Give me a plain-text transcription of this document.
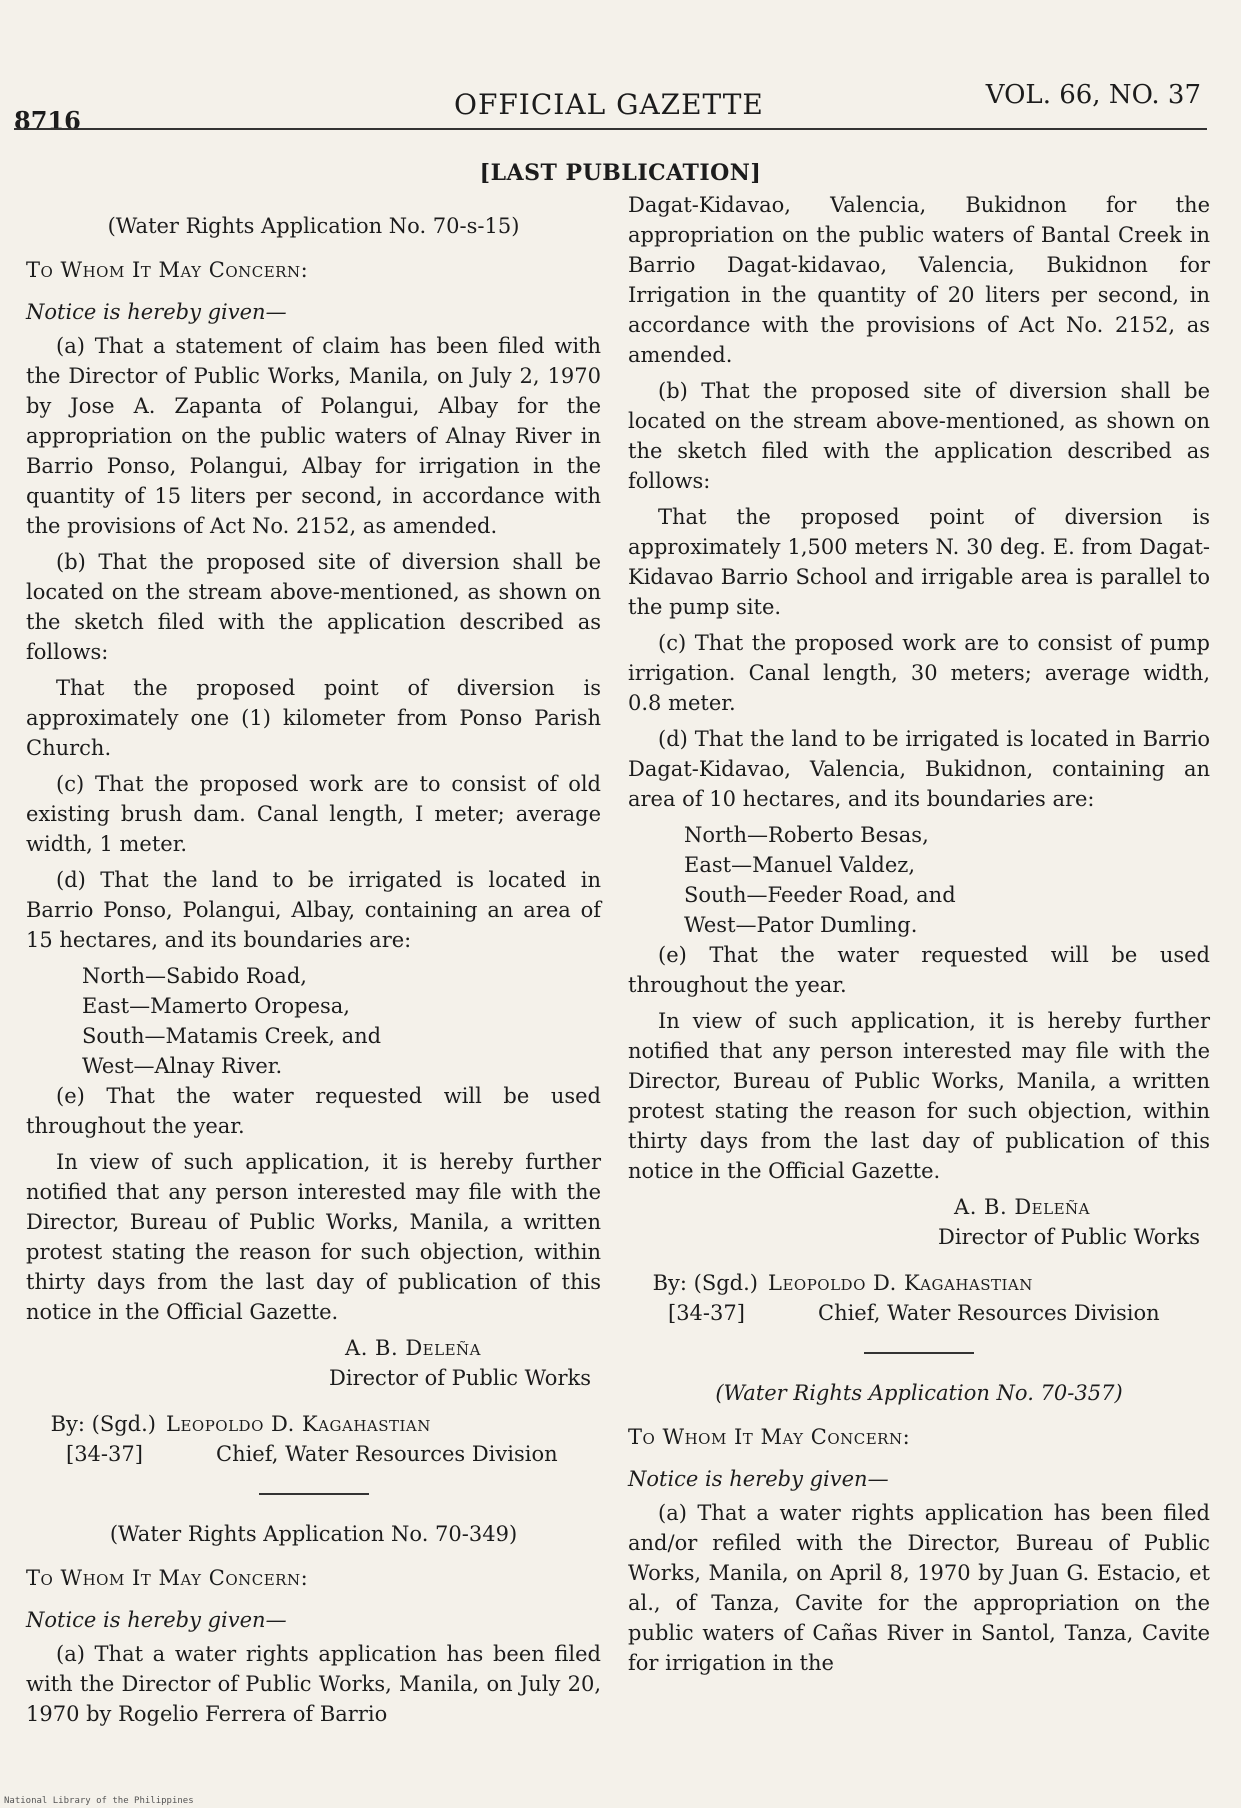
8716	OFFICIAL GAZETTE	VOL. 66, NO. 37
[LAST PUBLICATION]

(Water Rights Application No. 70-s-15)

To Whom It May Concern:

Notice is hereby given—

(a) That a statement of claim has been filed with the Director of Public Works, Manila, on July 2, 1970 by Jose A. Zapanta of Polangui, Albay for the appropriation on the public waters of Alnay River in Barrio Ponso, Polangui, Albay for irrigation in the quantity of 15 liters per second, in accordance with the provisions of Act No. 2152, as amended.

(b) That the proposed site of diversion shall be located on the stream above-mentioned, as shown on the sketch filed with the application described as follows:

That the proposed point of diversion is approximately one (1) kilometer from Ponso Parish Church.

(c) That the proposed work are to consist of old existing brush dam. Canal length, I meter; average width, 1 meter.

(d) That the land to be irrigated is located in Barrio Ponso, Polangui, Albay, containing an area of 15 hectares, and its boundaries are:

North—Sabido Road,
East—Mamerto Oropesa,
South—Matamis Creek, and
West—Alnay River.

(e) That the water requested will be used throughout the year.

In view of such application, it is hereby further notified that any person interested may file with the Director, Bureau of Public Works, Manila, a written protest stating the reason for such objection, within thirty days from the last day of publication of this notice in the Official Gazette.

A. B. Deleña
Director of Public Works
By: (Sgd.) Leopoldo D. Kagahastian
[34-37]	Chief, Water Resources Division

(Water Rights Application No. 70-349)

To Whom It May Concern:

Notice is hereby given—

(a) That a water rights application has been filed with the Director of Public Works, Manila, on July 20, 1970 by Rogelio Ferrera of Barrio

Dagat-Kidavao, Valencia, Bukidnon for the appropriation on the public waters of Bantal Creek in Barrio Dagat-kidavao, Valencia, Bukidnon for Irrigation in the quantity of 20 liters per second, in accordance with the provisions of Act No. 2152, as amended.

(b) That the proposed site of diversion shall be located on the stream above-mentioned, as shown on the sketch filed with the application described as follows:

That the proposed point of diversion is approximately 1,500 meters N. 30 deg. E. from Dagat-Kidavao Barrio School and irrigable area is parallel to the pump site.

(c) That the proposed work are to consist of pump irrigation. Canal length, 30 meters; average width, 0.8 meter.

(d) That the land to be irrigated is located in Barrio Dagat-Kidavao, Valencia, Bukidnon, containing an area of 10 hectares, and its boundaries are:

North—Roberto Besas,
East—Manuel Valdez,
South—Feeder Road, and
West—Pator Dumling.

(e) That the water requested will be used throughout the year.

In view of such application, it is hereby further notified that any person interested may file with the Director, Bureau of Public Works, Manila, a written protest stating the reason for such objection, within thirty days from the last day of publication of this notice in the Official Gazette.

A. B. Deleña
Director of Public Works
By: (Sgd.) Leopoldo D. Kagahastian
[34-37]	Chief, Water Resources Division

(Water Rights Application No. 70-357)

To Whom It May Concern:

Notice is hereby given—

(a) That a water rights application has been filed and/or refiled with the Director, Bureau of Public Works, Manila, on April 8, 1970 by Juan G. Estacio, et al., of Tanza, Cavite for the appropriation on the public waters of Cañas River in Santol, Tanza, Cavite for irrigation in the

National Library of the Philippines
